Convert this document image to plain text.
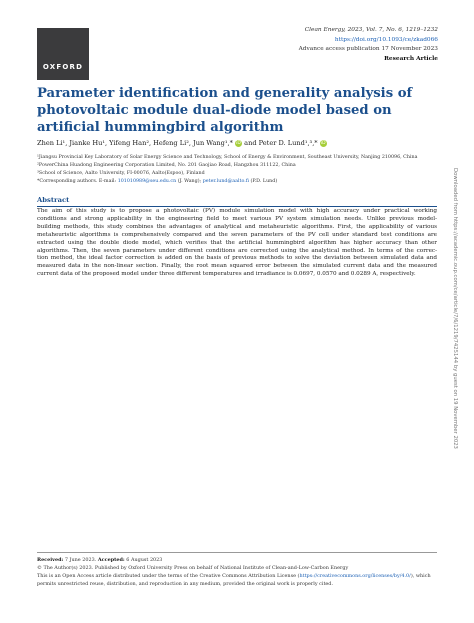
OXFORD
Clean Energy, 2023, Vol. 7, No. 6, 1219–1232
https://doi.org/10.1093/ce/zkad066
Advance access publication 17 November 2023
Research Article
Parameter identification and generality analysis of
photovoltaic module dual-diode model based on
artificial hummingbird algorithm
Zhen Li¹, Jianke Hu¹, Yifeng Han², Hefeng Li², Jun Wang¹,* iD and Peter D. Lund¹,³,* iD
¹Jiangsu Provincial Key Laboratory of Solar Energy Science and Technology, School of Energy & Environment, Southeast University, Nanjing 210096, China
²PowerChina Huadong Engineering Corporation Limited, No. 201 Gaojiao Road, Hangzhou 311122, China
³School of Science, Aalto University, FI-00076, Aalto(Espoo), Finland
*Corresponding authors. E-mail: 101010989@seu.edu.cn (J. Wang); peter.lund@aalto.fi (P.D. Lund)
Abstract
The aim of this study is to propose a photovoltaic (PV) module simulation model with high accuracy under practical working
conditions and strong applicability in the engineering field to meet various PV system simulation needs. Unlike previous model-
building methods, this study combines the advantages of analytical and metaheuristic algorithms. First, the applicability of various
metaheuristic algorithms is comprehensively compared and the seven parameters of the PV cell under standard test conditions are
extracted using the double diode model, which verifies that the artificial hummingbird algorithm has higher accuracy than other
algorithms. Then, the seven parameters under different conditions are corrected using the analytical method. In terms of the correc-
tion method, the ideal factor correction is added on the basis of previous methods to solve the deviation between simulated data and
measured data in the non-linear section. Finally, the root mean squared error between the simulated current data and the measured
current data of the proposed model under three different temperatures and irradiance is 0.0697, 0.0570 and 0.0289 A, respectively.
Received: 7 June 2023. Accepted: 6 August 2023
© The Author(s) 2023. Published by Oxford University Press on behalf of National Institute of Clean-and-Low-Carbon Energy
This is an Open Access article distributed under the terms of the Creative Commons Attribution License (https://creativecommons.org/licenses/by/4.0/), which
permits unrestricted reuse, distribution, and reproduction in any medium, provided the original work is properly cited.
Downloaded from https://academic.oup.com/ce/article/7/6/1219/7425144 by guest on 19 November 2023
